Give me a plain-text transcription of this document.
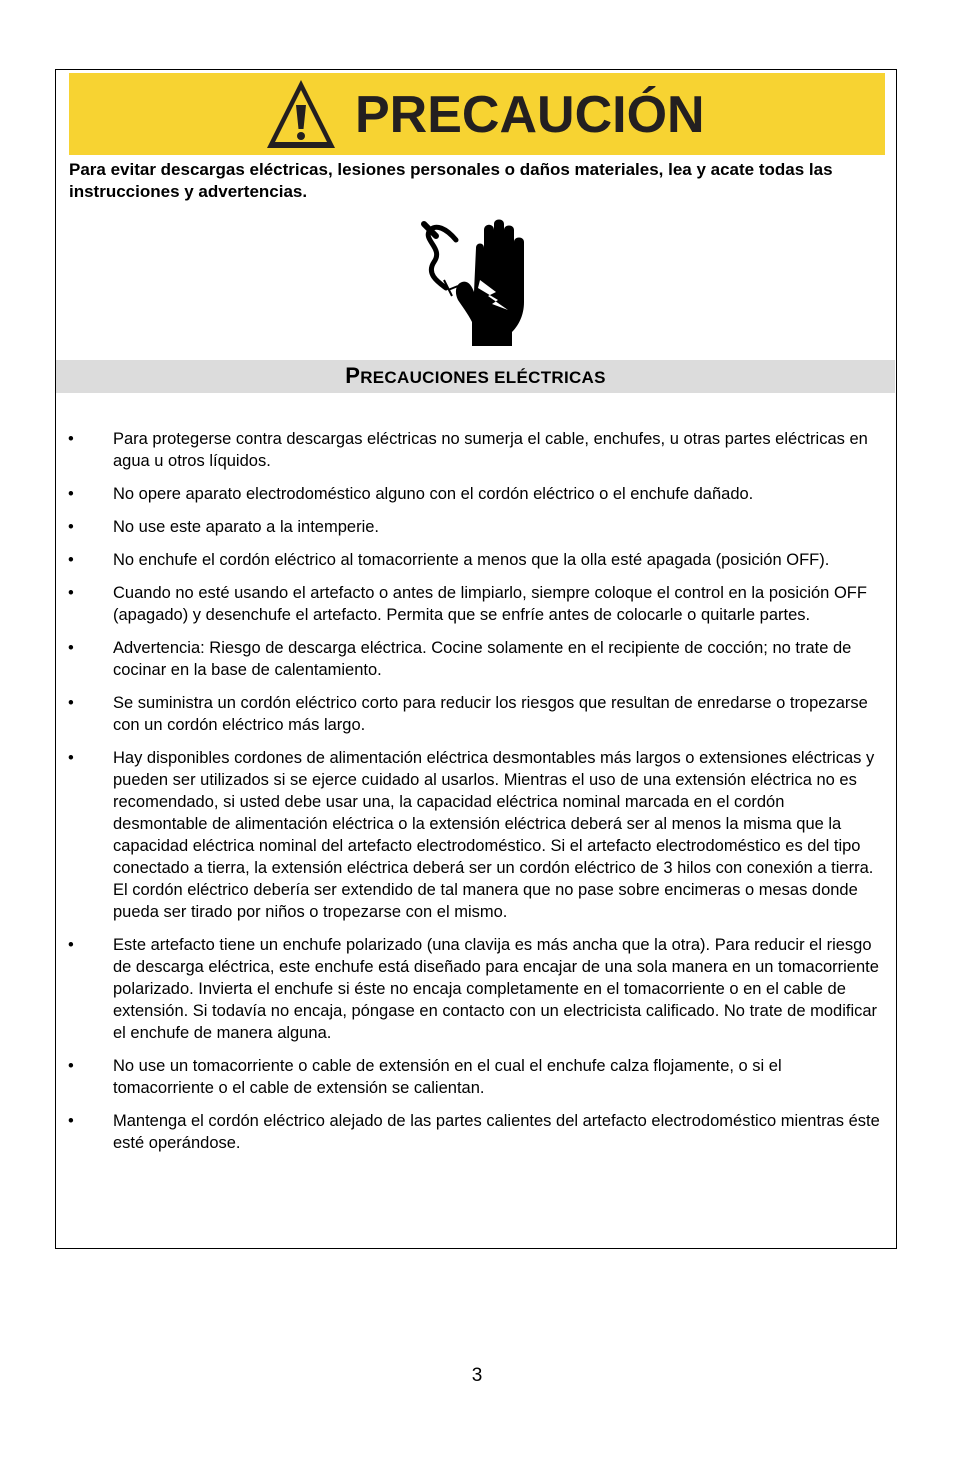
PRECAUCIÓN
Para evitar descargas eléctricas, lesiones personales o daños materiales, lea y acate todas las instrucciones y advertencias.
PRECAUCIONES ELÉCTRICAS
• Para protegerse contra descargas eléctricas no sumerja el cable, enchufes, u otras partes eléctricas en agua u otros líquidos.
• No opere aparato electrodoméstico alguno con el cordón eléctrico o el enchufe dañado.
• No use este aparato a la intemperie.
• No enchufe el cordón eléctrico al tomacorriente a menos que la olla esté apagada (posición OFF).
• Cuando no esté usando el artefacto o antes de limpiarlo, siempre coloque el control en la posición OFF (apagado) y desenchufe el artefacto. Permita que se enfríe antes de colocarle o quitarle partes.
• Advertencia: Riesgo de descarga eléctrica. Cocine solamente en el recipiente de cocción; no trate de cocinar en la base de calentamiento.
• Se suministra un cordón eléctrico corto para reducir los riesgos que resultan de enredarse o tropezarse con un cordón eléctrico más largo.
• Hay disponibles cordones de alimentación eléctrica desmontables más largos o extensiones eléctricas y pueden ser utilizados si se ejerce cuidado al usarlos. Mientras el uso de una extensión eléctrica no es recomendado, si usted debe usar una, la capacidad eléctrica nominal marcada en el cordón desmontable de alimentación eléctrica o la extensión eléctrica deberá ser al menos la misma que la capacidad eléctrica nominal del artefacto electrodoméstico. Si el artefacto electrodoméstico es del tipo conectado a tierra, la extensión eléctrica deberá ser un cordón eléctrico de 3 hilos con conexión a tierra. El cordón eléctrico debería ser extendido de tal manera que no pase sobre encimeras o mesas donde pueda ser tirado por niños o tropezarse con el mismo.
• Este artefacto tiene un enchufe polarizado (una clavija es más ancha que la otra). Para reducir el riesgo de descarga eléctrica, este enchufe está diseñado para encajar de una sola manera en un tomacorriente polarizado. Invierta el enchufe si éste no encaja completamente en el tomacorriente o en el cable de extensión. Si todavía no encaja, póngase en contacto con un electricista calificado. No trate de modificar el enchufe de manera alguna.
• No use un tomacorriente o cable de extensión en el cual el enchufe calza flojamente, o si el tomacorriente o el cable de extensión se calientan.
• Mantenga el cordón eléctrico alejado de las partes calientes del artefacto electrodoméstico mientras éste esté operándose.
3
